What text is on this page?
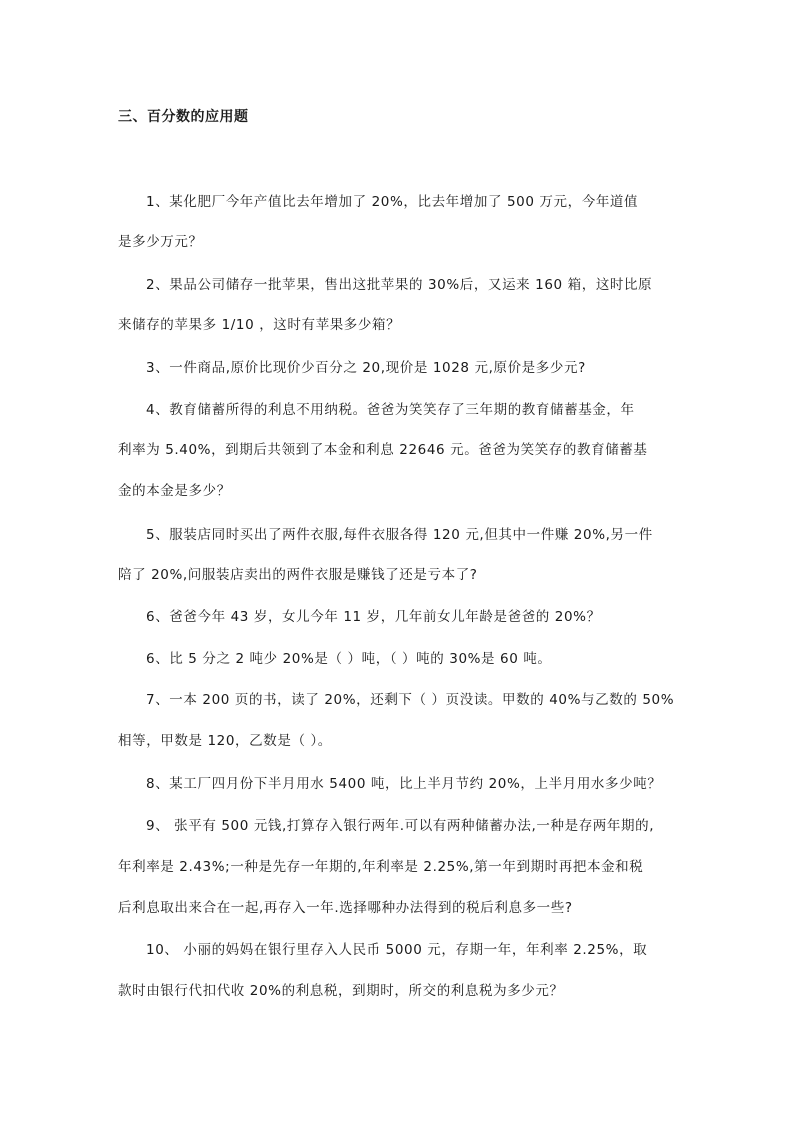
三、百分数的应用题
1、某化肥厂今年产值比去年增加了 20%，比去年增加了 500 万元，今年道值
是多少万元？
2、果品公司储存一批苹果，售出这批苹果的 30%后，又运来 160 箱，这时比原
来储存的苹果多 1/10 ，这时有苹果多少箱？
3、一件商品,原价比现价少百分之 20,现价是 1028 元,原价是多少元?
4、教育储蓄所得的利息不用纳税。爸爸为笑笑存了三年期的教育储蓄基金，年
利率为 5.40%，到期后共领到了本金和利息 22646 元。爸爸为笑笑存的教育储蓄基
金的本金是多少？
5、服装店同时买出了两件衣服,每件衣服各得 120 元,但其中一件赚 20%,另一件
陪了 20%,问服装店卖出的两件衣服是赚钱了还是亏本了?
6、爸爸今年 43 岁，女儿今年 11 岁，几年前女儿年龄是爸爸的 20%？
6、比 5 分之 2 吨少 20%是（ ）吨，（ ）吨的 30%是 60 吨。
7、一本 200 页的书，读了 20%，还剩下（ ）页没读。甲数的 40%与乙数的 50%
相等，甲数是 120，乙数是（ ）。
8、某工厂四月份下半月用水 5400 吨，比上半月节约 20%，上半月用水多少吨？
9、 张平有 500 元钱,打算存入银行两年.可以有两种储蓄办法,一种是存两年期的,
年利率是 2.43%;一种是先存一年期的,年利率是 2.25%,第一年到期时再把本金和税
后利息取出来合在一起,再存入一年.选择哪种办法得到的税后利息多一些?
10、 小丽的妈妈在银行里存入人民币 5000 元，存期一年，年利率 2.25%，取
款时由银行代扣代收 20%的利息税，到期时，所交的利息税为多少元？
